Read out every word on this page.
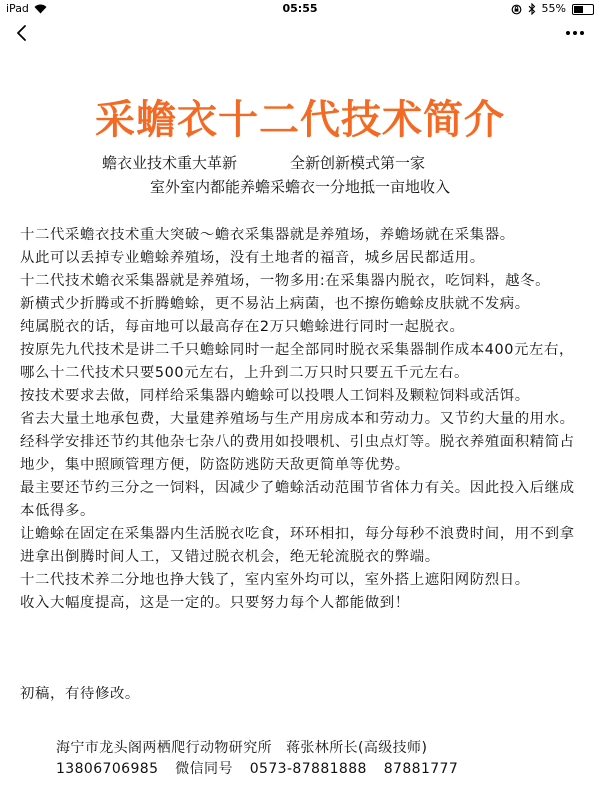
iPad	05:55	55%
采蟾衣十二代技术简介
蟾衣业技术重大革新	全新创新模式第一家
室外室内都能养蟾采蟾衣一分地抵一亩地收入

十二代采蟾衣技术重大突破～蟾衣采集器就是养殖场，养蟾场就在采集器。

从此可以丢掉专业蟾蜍养殖场，没有土地者的福音，城乡居民都适用。

十二代技术蟾衣采集器就是养殖场，一物多用:在采集器内脱衣，吃饲料，越冬。

新横式少折腾或不折腾蟾蜍，更不易沾上病菌，也不擦伤蟾蜍皮肤就不发病。

纯属脱衣的话，每亩地可以最高存在2万只蟾蜍进行同时一起脱衣。

按原先九代技术是讲二千只蟾蜍同时一起全部同时脱衣采集器制作成本400元左右，哪么十二代技术只要500元左右，上升到二万只时只要五千元左右。

按技术要求去做，同样给采集器内蟾蜍可以投喂人工饲料及颗粒饲料或活饵。

省去大量土地承包费，大量建养殖场与生产用房成本和劳动力。又节约大量的用水。经科学安排还节约其他杂七杂八的费用如投喂机、引虫点灯等。脱衣养殖面积精简占地少，集中照顾管理方便，防盗防逃防天敌更简单等优势。

最主要还节约三分之一饲料，因减少了蟾蜍活动范围节省体力有关。因此投入后继成本低得多。

让蟾蜍在固定在采集器内生活脱衣吃食，环环相扣，每分每秒不浪费时间，用不到拿进拿出倒腾时间人工，又错过脱衣机会，绝无轮流脱衣的弊端。

十二代技术养二分地也挣大钱了，室内室外均可以，室外搭上遮阳网防烈日。

收入大幅度提高，这是一定的。只要努力每个人都能做到！

初稿，有待修改。
海宁市龙头阁两栖爬行动物研究所 蒋张林所长(高级技师)
13806706985 微信同号 0573-87881888 87881777
